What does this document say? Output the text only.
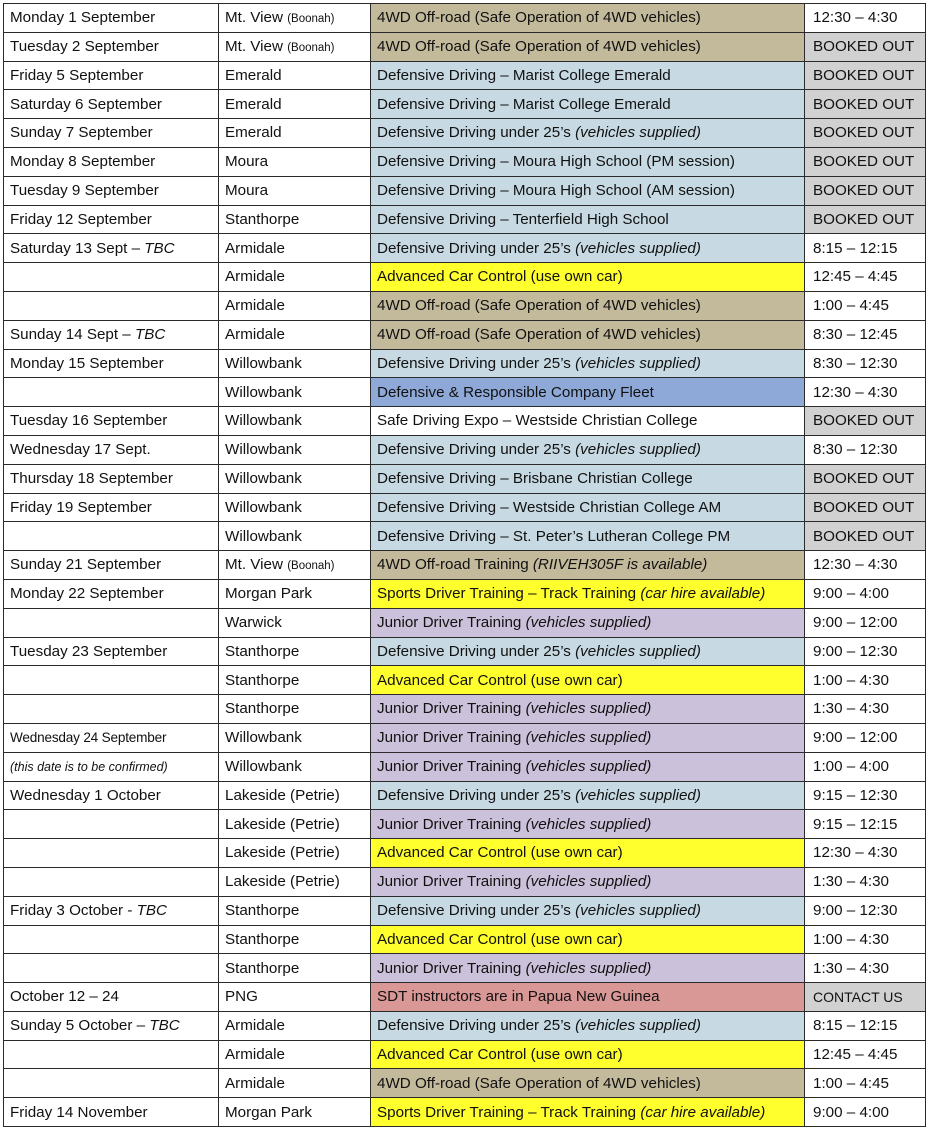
Monday 1 September	Mt. View (Boonah)	4WD Off-road (Safe Operation of 4WD vehicles)	12:30 – 4:30
Tuesday 2 September	Mt. View (Boonah)	4WD Off-road (Safe Operation of 4WD vehicles)	BOOKED OUT
Friday 5 September	Emerald	Defensive Driving – Marist College Emerald	BOOKED OUT
Saturday 6 September	Emerald	Defensive Driving – Marist College Emerald	BOOKED OUT
Sunday 7 September	Emerald	Defensive Driving under 25’s (vehicles supplied)	BOOKED OUT
Monday 8 September	Moura	Defensive Driving – Moura High School (PM session)	BOOKED OUT
Tuesday 9 September	Moura	Defensive Driving – Moura High School (AM session)	BOOKED OUT
Friday 12 September	Stanthorpe	Defensive Driving – Tenterfield High School	BOOKED OUT
Saturday 13 Sept – TBC	Armidale	Defensive Driving under 25’s (vehicles supplied)	8:15 – 12:15
	Armidale	Advanced Car Control (use own car)	12:45 – 4:45
	Armidale	4WD Off-road (Safe Operation of 4WD vehicles)	1:00 – 4:45
Sunday 14 Sept – TBC	Armidale	4WD Off-road (Safe Operation of 4WD vehicles)	8:30 – 12:45
Monday 15 September	Willowbank	Defensive Driving under 25’s (vehicles supplied)	8:30 – 12:30
	Willowbank	Defensive & Responsible Company Fleet	12:30 – 4:30
Tuesday 16 September	Willowbank	Safe Driving Expo – Westside Christian College	BOOKED OUT
Wednesday 17 Sept.	Willowbank	Defensive Driving under 25’s (vehicles supplied)	8:30 – 12:30
Thursday 18 September	Willowbank	Defensive Driving – Brisbane Christian College	BOOKED OUT
Friday 19 September	Willowbank	Defensive Driving – Westside Christian College AM	BOOKED OUT
	Willowbank	Defensive Driving – St. Peter’s Lutheran College PM	BOOKED OUT
Sunday 21 September	Mt. View (Boonah)	4WD Off-road Training (RIIVEH305F is available)	12:30 – 4:30
Monday 22 September	Morgan Park	Sports Driver Training – Track Training (car hire available)	9:00 – 4:00
	Warwick	Junior Driver Training (vehicles supplied)	9:00 – 12:00
Tuesday 23 September	Stanthorpe	Defensive Driving under 25’s (vehicles supplied)	9:00 – 12:30
	Stanthorpe	Advanced Car Control (use own car)	1:00 – 4:30
	Stanthorpe	Junior Driver Training (vehicles supplied)	1:30 – 4:30
Wednesday 24 September	Willowbank	Junior Driver Training (vehicles supplied)	9:00 – 12:00
(this date is to be confirmed)	Willowbank	Junior Driver Training (vehicles supplied)	1:00 – 4:00
Wednesday 1 October	Lakeside (Petrie)	Defensive Driving under 25’s (vehicles supplied)	9:15 – 12:30
	Lakeside (Petrie)	Junior Driver Training (vehicles supplied)	9:15 – 12:15
	Lakeside (Petrie)	Advanced Car Control (use own car)	12:30 – 4:30
	Lakeside (Petrie)	Junior Driver Training (vehicles supplied)	1:30 – 4:30
Friday 3 October - TBC	Stanthorpe	Defensive Driving under 25’s (vehicles supplied)	9:00 – 12:30
	Stanthorpe	Advanced Car Control (use own car)	1:00 – 4:30
	Stanthorpe	Junior Driver Training (vehicles supplied)	1:30 – 4:30
October 12 – 24	PNG	SDT instructors are in Papua New Guinea	CONTACT US
Sunday 5 October – TBC	Armidale	Defensive Driving under 25’s (vehicles supplied)	8:15 – 12:15
	Armidale	Advanced Car Control (use own car)	12:45 – 4:45
	Armidale	4WD Off-road (Safe Operation of 4WD vehicles)	1:00 – 4:45
Friday 14 November	Morgan Park	Sports Driver Training – Track Training (car hire available)	9:00 – 4:00
